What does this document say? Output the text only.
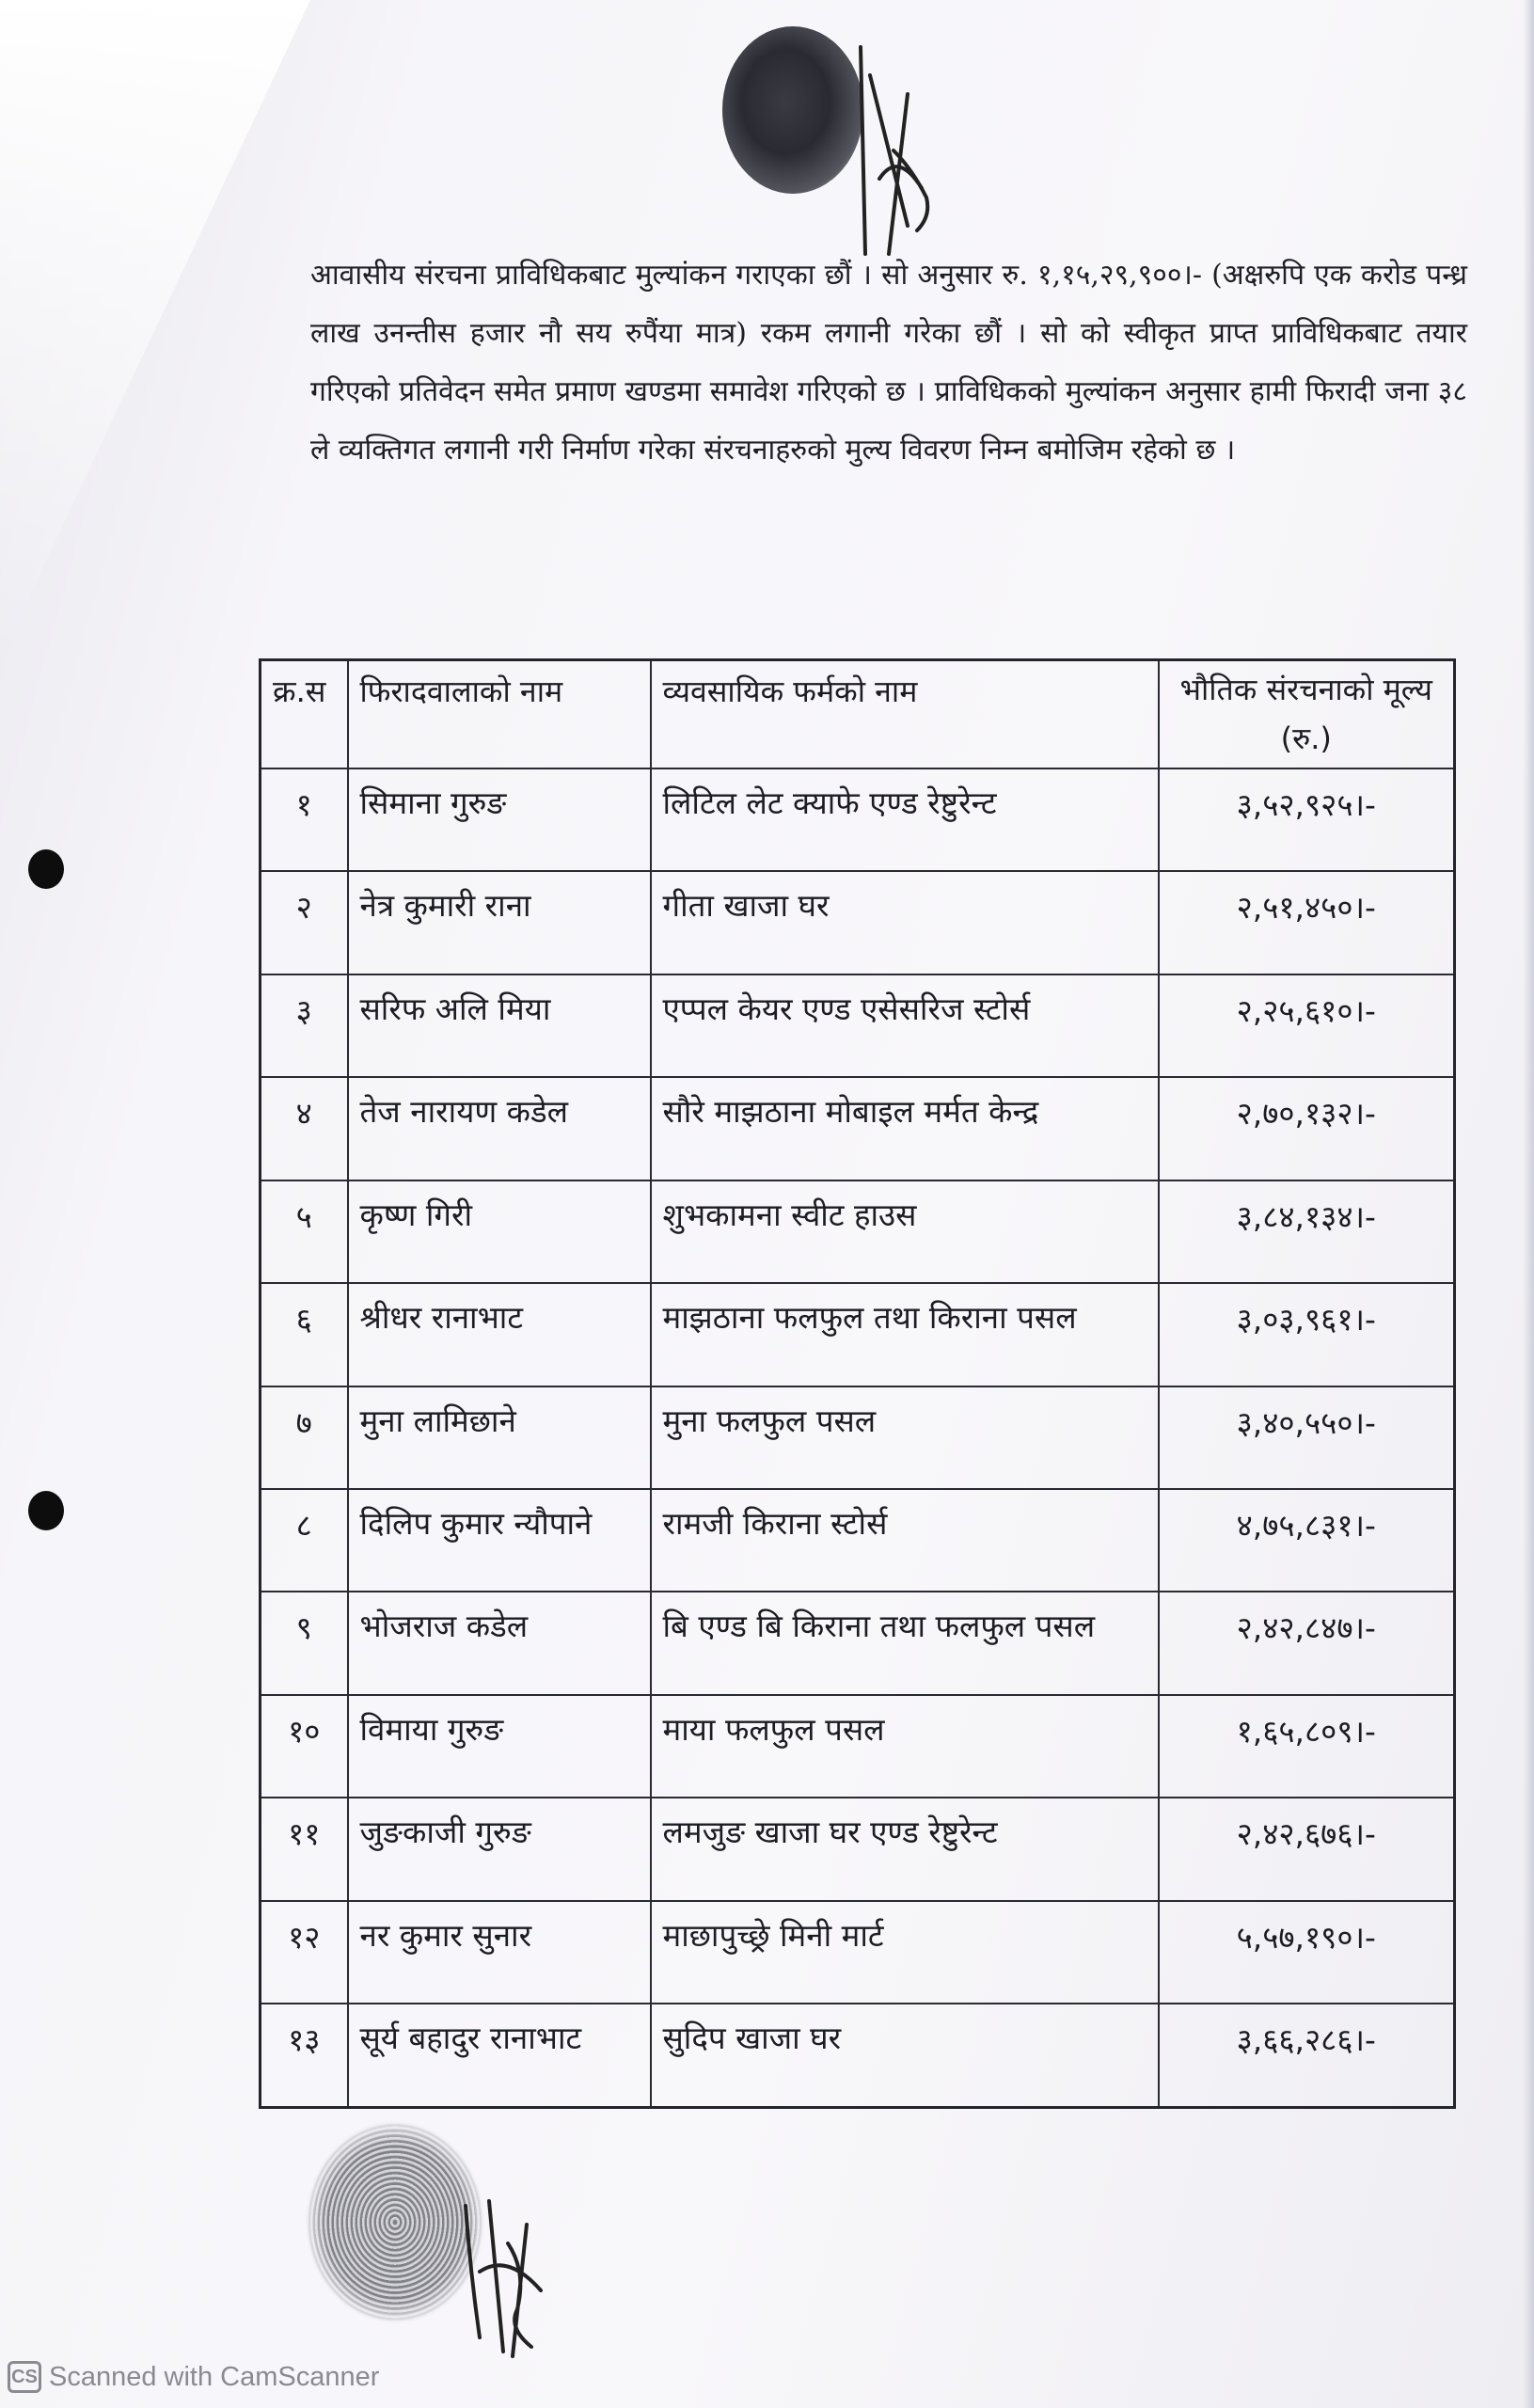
आवासीय संरचना प्राविधिकबाट मुल्यांकन गराएका छौं । सो अनुसार रु. १,१५,२९,९००।- (अक्षरुपि एक करोड पन्ध्र लाख उनन्तीस हजार नौ सय रुपैंया मात्र) रकम लगानी गरेका छौं । सो को स्वीकृत प्राप्त प्राविधिकबाट तयार गरिएको प्रतिवेदन समेत प्रमाण खण्डमा समावेश गरिएको छ । प्राविधिकको मुल्यांकन अनुसार हामी फिरादी जना ३८ ले व्यक्तिगत लगानी गरी निर्माण गरेका संरचनाहरुको मुल्य विवरण निम्न बमोजिम रहेको छ ।

क्र.स	फिरादवालाको नाम	व्यवसायिक फर्मको नाम	भौतिक संरचनाको मूल्य (रु.)
१	सिमाना गुरुङ	लिटिल लेट क्याफे एण्ड रेष्टुरेन्ट	३,५२,९२५।-
२	नेत्र कुमारी राना	गीता खाजा घर	२,५१,४५०।-
३	सरिफ अलि मिया	एप्पल केयर एण्ड एसेसरिज स्टोर्स	२,२५,६१०।-
४	तेज नारायण कडेल	सौरे माझठाना मोबाइल मर्मत केन्द्र	२,७०,१३२।-
५	कृष्ण गिरी	शुभकामना स्वीट हाउस	३,८४,१३४।-
६	श्रीधर रानाभाट	माझठाना फलफुल तथा किराना पसल	३,०३,९६१।-
७	मुना लामिछाने	मुना फलफुल पसल	३,४०,५५०।-
८	दिलिप कुमार न्यौपाने	रामजी किराना स्टोर्स	४,७५,८३१।-
९	भोजराज कडेल	बि एण्ड बि किराना तथा फलफुल पसल	२,४२,८४७।-
१०	विमाया गुरुङ	माया फलफुल पसल	१,६५,८०९।-
११	जुङकाजी गुरुङ	लमजुङ खाजा घर एण्ड रेष्टुरेन्ट	२,४२,६७६।-
१२	नर कुमार सुनार	माछापुच्छ्रे मिनी मार्ट	५,५७,१९०।-
१३	सूर्य बहादुर रानाभाट	सुदिप खाजा घर	३,६६,२८६।-
CS Scanned with CamScanner
